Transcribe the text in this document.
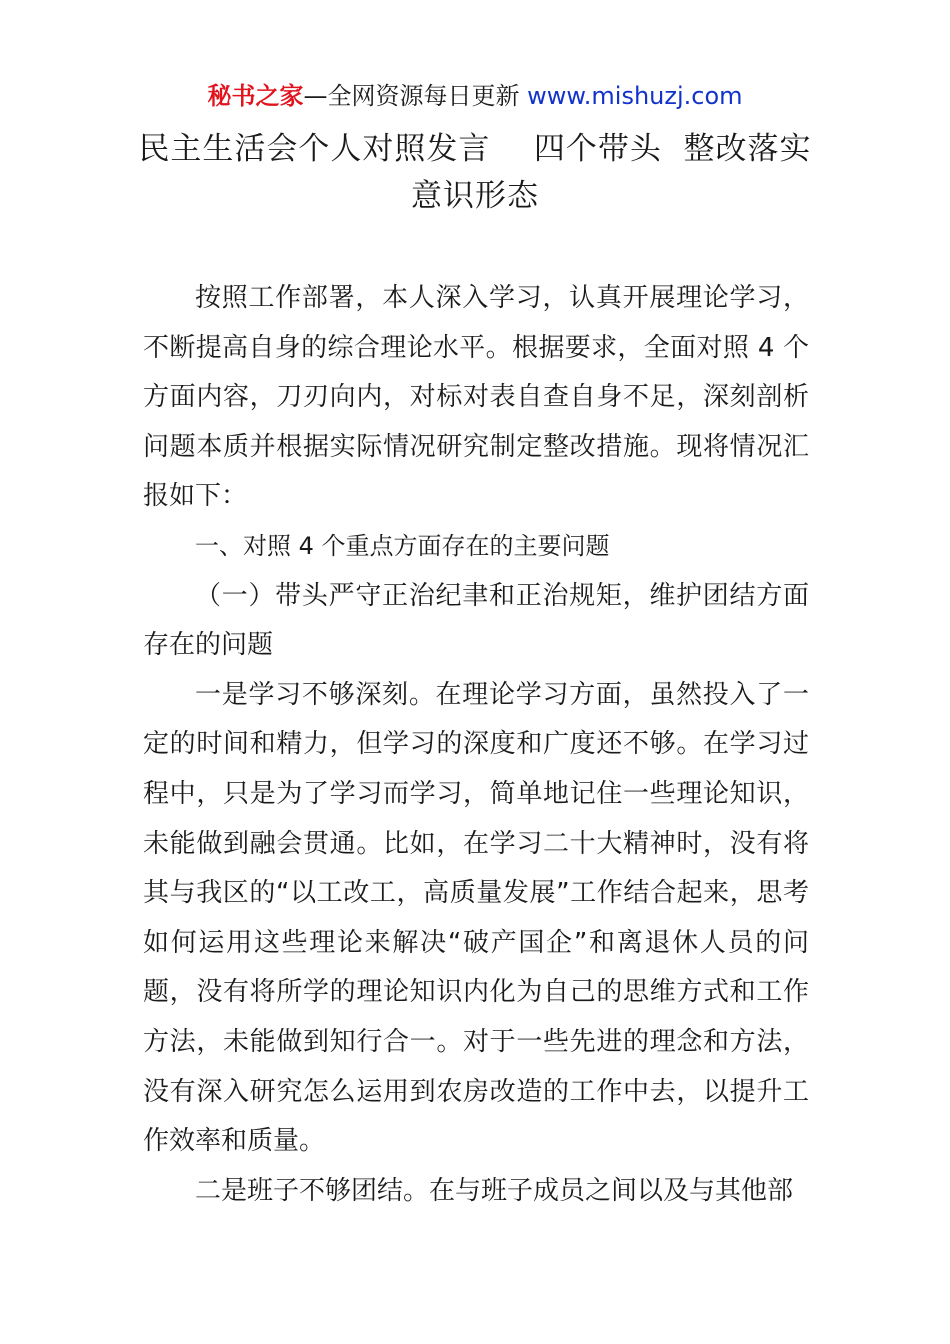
秘书之家—全网资源每日更新 www.mishuzj.com
民主生活会个人对照发言    四个带头  整改落实
意识形态

按照工作部署，本人深入学习，认真开展理论学习，不断提高自身的综合理论水平。根据要求，全面对照 4 个方面内容，刀刃向内，对标对表自查自身不足，深刻剖析问题本质并根据实际情况研究制定整改措施。现将情况汇报如下：

一、对照 4 个重点方面存在的主要问题

（一）带头严守正治纪聿和正治规矩，维护团结方面存在的问题

一是学习不够深刻。在理论学习方面，虽然投入了一定的时间和精力，但学习的深度和广度还不够。在学习过程中，只是为了学习而学习，简单地记住一些理论知识，未能做到融会贯通。比如，在学习二十大精神时，没有将其与我区的“以工改工，高质量发展”工作结合起来，思考如何运用这些理论来解决“破产国企”和离退休人员的问题，没有将所学的理论知识内化为自己的思维方式和工作方法，未能做到知行合一。对于一些先进的理念和方法，没有深入研究怎么运用到农房改造的工作中去，以提升工作效率和质量。

二是班子不够团结。在与班子成员之间以及与其他部
